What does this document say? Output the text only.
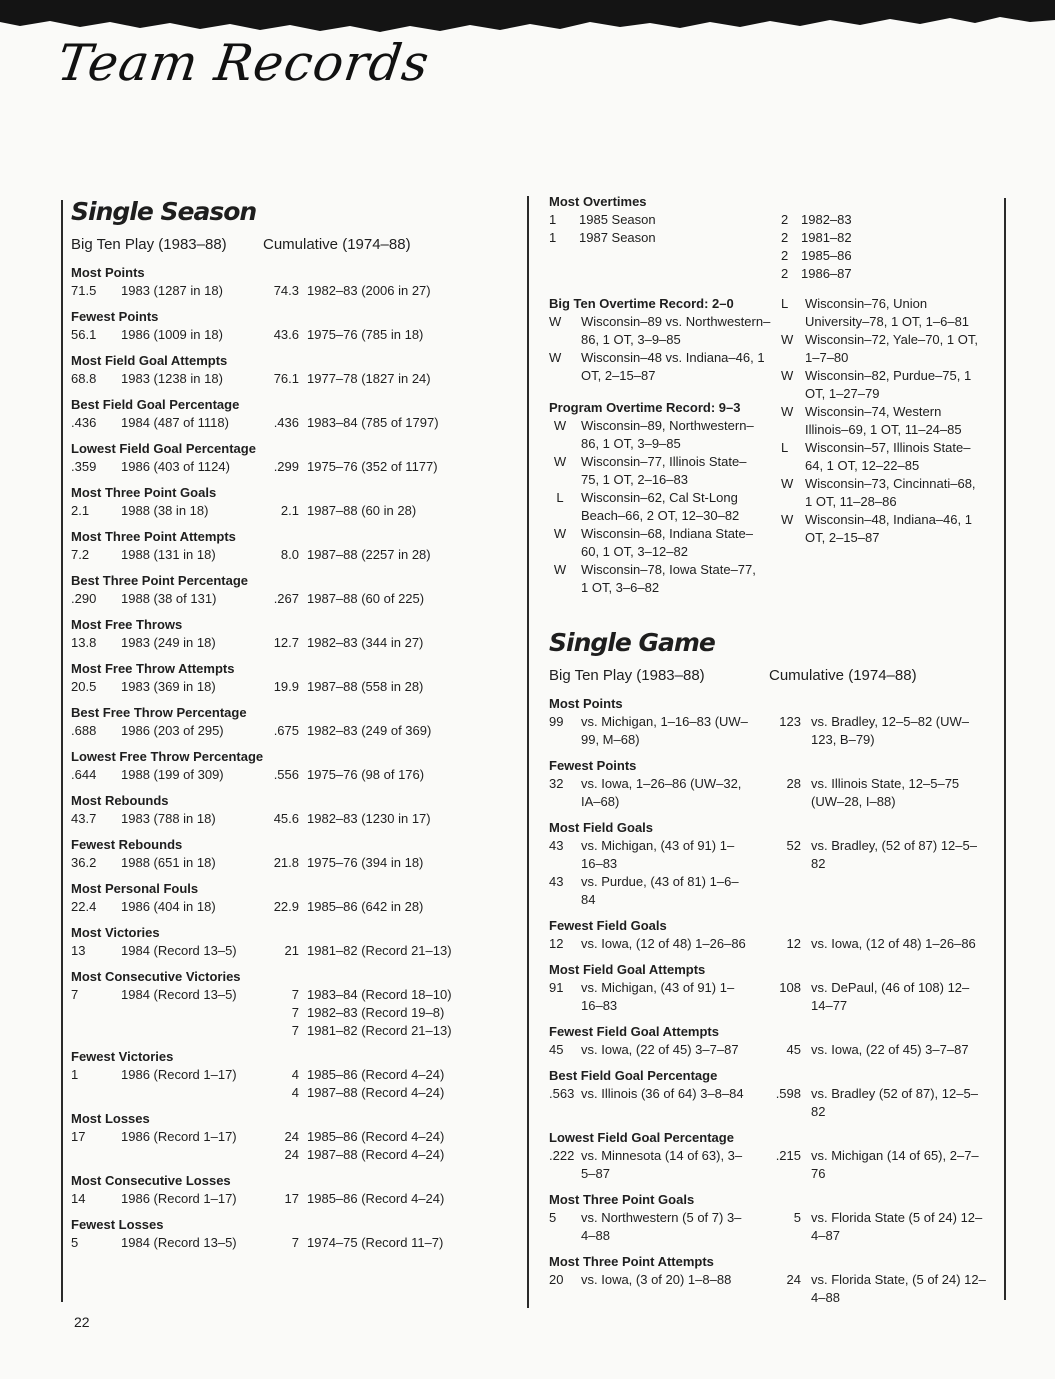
Team Records
Single Season
Big Ten Play (1983–88)	Cumulative (1974–88)
Most Points
71.5	1983 (1287 in 18)	74.3 1982–83 (2006 in 27)
Fewest Points
56.1	1986 (1009 in 18)	43.6 1975–76 (785 in 18)
Most Field Goal Attempts
68.8	1983 (1238 in 18)	76.1 1977–78 (1827 in 24)
Best Field Goal Percentage
.436	1984 (487 of 1118)	.436 1983–84 (785 of 1797)
Lowest Field Goal Percentage
.359	1986 (403 of 1124)	.299 1975–76 (352 of 1177)
Most Three Point Goals
2.1	1988 (38 in 18)	2.1 1987–88 (60 in 28)
Most Three Point Attempts
7.2	1988 (131 in 18)	8.0 1987–88 (2257 in 28)
Best Three Point Percentage
.290	1988 (38 of 131)	.267 1987–88 (60 of 225)
Most Free Throws
13.8	1983 (249 in 18)	12.7 1982–83 (344 in 27)
Most Free Throw Attempts
20.5	1983 (369 in 18)	19.9 1987–88 (558 in 28)
Best Free Throw Percentage
.688	1986 (203 of 295)	.675 1982–83 (249 of 369)
Lowest Free Throw Percentage
.644	1988 (199 of 309)	.556 1975–76 (98 of 176)
Most Rebounds
43.7	1983 (788 in 18)	45.6 1982–83 (1230 in 17)
Fewest Rebounds
36.2	1988 (651 in 18)	21.8 1975–76 (394 in 18)
Most Personal Fouls
22.4	1986 (404 in 18)	22.9 1985–86 (642 in 28)
Most Victories
13	1984 (Record 13–5)	21 1981–82 (Record 21–13)
Most Consecutive Victories
7	1984 (Record 13–5)	7 1983–84 (Record 18–10)
7 1982–83 (Record 19–8)
7 1981–82 (Record 21–13)
Fewest Victories
1	1986 (Record 1–17)	4 1985–86 (Record 4–24)
4 1987–88 (Record 4–24)
Most Losses
17	1986 (Record 1–17)	24 1985–86 (Record 4–24)
24 1987–88 (Record 4–24)
Most Consecutive Losses
14	1986 (Record 1–17)	17 1985–86 (Record 4–24)
Fewest Losses
5	1984 (Record 13–5)	7 1974–75 (Record 11–7)
Most Overtimes
1	1985 Season
1	1987 Season
2 1982–83
2 1981–82
2 1985–86
2 1986–87
Big Ten Overtime Record: 2–0
W	Wisconsin–89 vs. Northwestern–86, 1 OT, 3–9–85
W	Wisconsin–48 vs. Indiana–46, 1 OT, 2–15–87
Program Overtime Record: 9–3
W	Wisconsin–89, Northwestern–86, 1 OT, 3–9–85
W	Wisconsin–77, Illinois State–75, 1 OT, 2–16–83
L	Wisconsin–62, Cal St-Long Beach–66, 2 OT, 12–30–82
W	Wisconsin–68, Indiana State–60, 1 OT, 3–12–82
W	Wisconsin–78, Iowa State–77, 1 OT, 3–6–82
L	Wisconsin–76, Union University–78, 1 OT, 1–6–81
W Wisconsin–72, Yale–70, 1 OT, 1–7–80
W Wisconsin–82, Purdue–75, 1 OT, 1–27–79
W Wisconsin–74, Western Illinois–69, 1 OT, 11–24–85
L	Wisconsin–57, Illinois State–64, 1 OT, 12–22–85
W Wisconsin–73, Cincinnati–68, 1 OT, 11–28–86
W Wisconsin–48, Indiana–46, 1 OT, 2–15–87
Single Game
Big Ten Play (1983–88)	Cumulative (1974–88)
Most Points
99	vs. Michigan, 1–16–83 (UW–99, M–68)
123 vs. Bradley, 12–5–82 (UW–123, B–79)
Fewest Points
32	vs. Iowa, 1–26–86 (UW–32, IA–68)
28 vs. Illinois State, 12–5–75 (UW–28, I–88)
Most Field Goals
43	vs. Michigan, (43 of 91) 1–16–83
43	vs. Purdue, (43 of 81) 1–6–84
52 vs. Bradley, (52 of 87) 12–5–82
Fewest Field Goals
12	vs. Iowa, (12 of 48) 1–26–86	12 vs. Iowa, (12 of 48) 1–26–86
Most Field Goal Attempts
91	vs. Michigan, (43 of 91) 1–16–83
108 vs. DePaul, (46 of 108) 12–14–77
Fewest Field Goal Attempts
45	vs. Iowa, (22 of 45) 3–7–87	45 vs. Iowa, (22 of 45) 3–7–87
Best Field Goal Percentage
.563 vs. Illinois (36 of 64) 3–8–84	.598 vs. Bradley (52 of 87), 12–5–82
Lowest Field Goal Percentage
.222 vs. Minnesota (14 of 63), 3–5–87
.215 vs. Michigan (14 of 65), 2–7–76
Most Three Point Goals
5	vs. Northwestern (5 of 7) 3–4–88
5 vs. Florida State (5 of 24) 12–4–87
Most Three Point Attempts
20	vs. Iowa, (3 of 20) 1–8–88	24 vs. Florida State, (5 of 24) 12–4–88
22
